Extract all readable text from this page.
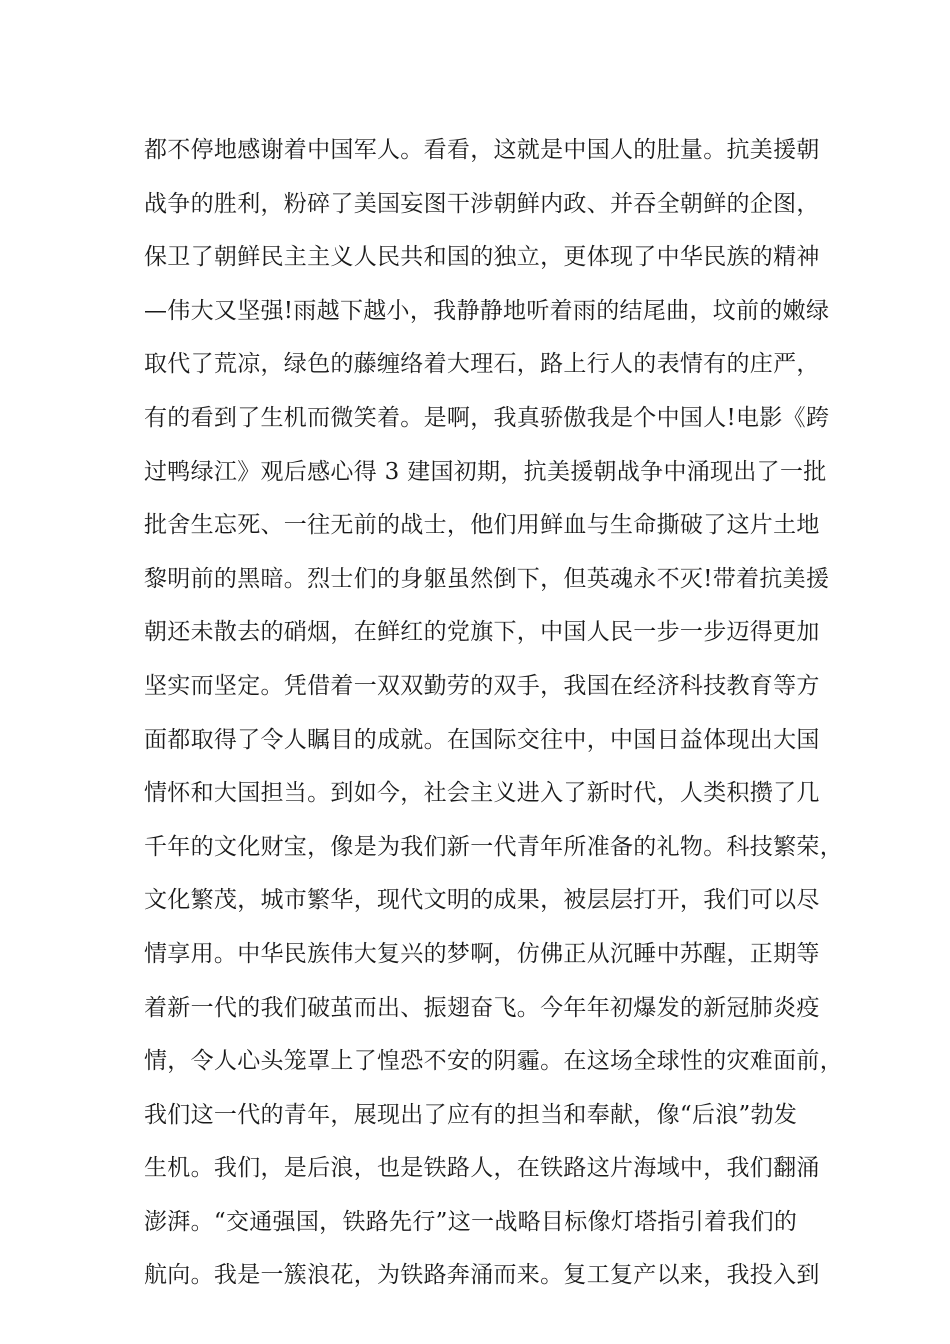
都不停地感谢着中国军人。看看，这就是中国人的肚量。抗美援朝
战争的胜利，粉碎了美国妄图干涉朝鲜内政、并吞全朝鲜的企图，
保卫了朝鲜民主主义人民共和国的独立，更体现了中华民族的精神
—伟大又坚强!雨越下越小，我静静地听着雨的结尾曲，坟前的嫩绿
取代了荒凉，绿色的藤缠络着大理石，路上行人的表情有的庄严，
有的看到了生机而微笑着。是啊，我真骄傲我是个中国人!电影《跨
过鸭绿江》观后感心得 3 建国初期，抗美援朝战争中涌现出了一批
批舍生忘死、一往无前的战士，他们用鲜血与生命撕破了这片土地
黎明前的黑暗。烈士们的身躯虽然倒下，但英魂永不灭!带着抗美援
朝还未散去的硝烟，在鲜红的党旗下，中国人民一步一步迈得更加
坚实而坚定。凭借着一双双勤劳的双手，我国在经济科技教育等方
面都取得了令人瞩目的成就。在国际交往中，中国日益体现出大国
情怀和大国担当。到如今，社会主义进入了新时代，人类积攒了几
千年的文化财宝，像是为我们新一代青年所准备的礼物。科技繁荣，
文化繁茂，城市繁华，现代文明的成果，被层层打开，我们可以尽
情享用。中华民族伟大复兴的梦啊，仿佛正从沉睡中苏醒，正期等
着新一代的我们破茧而出、振翅奋飞。今年年初爆发的新冠肺炎疫
情，令人心头笼罩上了惶恐不安的阴霾。在这场全球性的灾难面前，
我们这一代的青年，展现出了应有的担当和奉献，像“后浪”勃发
生机。我们，是后浪，也是铁路人，在铁路这片海域中，我们翻涌
澎湃。“交通强国，铁路先行”这一战略目标像灯塔指引着我们的
航向。我是一簇浪花，为铁路奔涌而来。复工复产以来，我投入到
